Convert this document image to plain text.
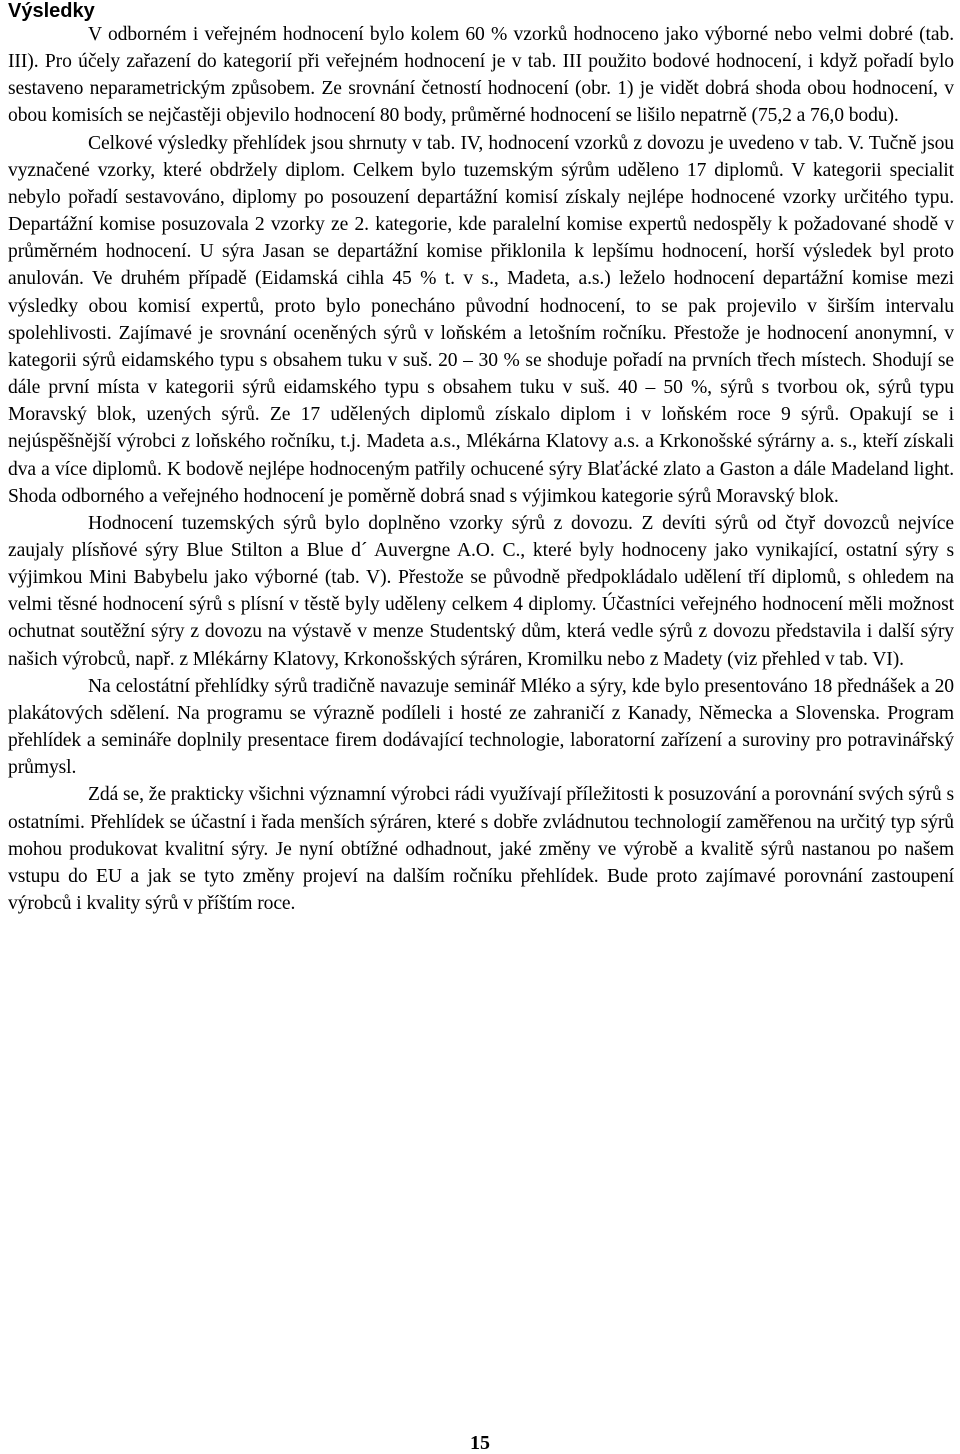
Výsledky

V odborném i veřejném hodnocení bylo kolem 60 % vzorků hodnoceno jako výborné nebo velmi dobré (tab. III). Pro účely zařazení do kategorií při veřejném hodnocení je v tab. III použito bodové hodnocení, i když pořadí bylo sestaveno neparametrickým způsobem. Ze srovnání četností hodnocení (obr. 1) je vidět dobrá shoda obou hodnocení, v obou komisích se nejčastěji objevilo hodnocení 80 body, průměrné hodnocení se lišilo nepatrně (75,2 a 76,0 bodu).

Celkové výsledky přehlídek jsou shrnuty v tab. IV, hodnocení vzorků z dovozu je uvedeno v tab. V. Tučně jsou vyznačené vzorky, které obdržely diplom. Celkem bylo tuzemským sýrům uděleno 17 diplomů. V kategorii specialit nebylo pořadí sestavováno, diplomy po posouzení departážní komisí získaly nejlépe hodnocené vzorky určitého typu. Departážní komise posuzovala 2 vzorky ze 2. kategorie, kde paralelní komise expertů nedospěly k požadované shodě v průměrném hodnocení. U sýra Jasan se departážní komise přiklonila k lepšímu hodnocení, horší výsledek byl proto anulován. Ve druhém případě (Eidamská cihla 45 % t. v s., Madeta, a.s.) leželo hodnocení departážní komise mezi výsledky obou komisí expertů, proto bylo ponecháno původní hodnocení, to se pak projevilo v širším intervalu spolehlivosti. Zajímavé je srovnání oceněných sýrů v loňském a letošním ročníku. Přestože je hodnocení anonymní, v kategorii sýrů eidamského typu s obsahem tuku v suš. 20 – 30 % se shoduje pořadí na prvních třech místech. Shodují se dále první místa v kategorii sýrů eidamského typu s obsahem tuku v suš. 40 – 50 %, sýrů s tvorbou ok, sýrů typu Moravský blok, uzených sýrů. Ze 17 udělených diplomů získalo diplom i v loňském roce 9 sýrů. Opakují se i nejúspěšnější výrobci z loňského ročníku, t.j. Madeta a.s., Mlékárna Klatovy a.s. a Krkonošské sýrárny a. s., kteří získali dva a více diplomů. K bodově nejlépe hodnoceným patřily ochucené sýry Blaťácké zlato a Gaston a dále Madeland light. Shoda odborného a veřejného hodnocení je poměrně dobrá snad s výjimkou kategorie sýrů Moravský blok.

Hodnocení tuzemských sýrů bylo doplněno vzorky sýrů z dovozu. Z devíti sýrů od čtyř dovozců nejvíce zaujaly plísňové sýry Blue Stilton a Blue d´ Auvergne A.O. C., které byly hodnoceny jako vynikající, ostatní sýry s výjimkou Mini Babybelu jako výborné (tab. V). Přestože se původně předpokládalo udělení tří diplomů, s ohledem na velmi těsné hodnocení sýrů s plísní v těstě byly uděleny celkem 4 diplomy. Účastníci veřejného hodnocení měli možnost ochutnat soutěžní sýry z dovozu na výstavě v menze Studentský dům, která vedle sýrů z dovozu představila i další sýry našich výrobců, např. z Mlékárny Klatovy, Krkonošských sýráren, Kromilku nebo z Madety (viz přehled v tab. VI).

Na celostátní přehlídky sýrů tradičně navazuje seminář Mléko a sýry, kde bylo presentováno 18 přednášek a 20 plakátových sdělení. Na programu se výrazně podíleli i hosté ze zahraničí z Kanady, Německa a Slovenska. Program přehlídek a semináře doplnily presentace firem dodávající technologie, laboratorní zařízení a suroviny pro potravinářský průmysl.

Zdá se, že prakticky všichni významní výrobci rádi využívají příležitosti k posuzování a porovnání svých sýrů s ostatními. Přehlídek se účastní i řada menších sýráren, které s dobře zvládnutou technologií zaměřenou na určitý typ sýrů mohou produkovat kvalitní sýry. Je nyní obtížné odhadnout, jaké změny ve výrobě a kvalitě sýrů nastanou po našem vstupu do EU a jak se tyto změny projeví na dalším ročníku přehlídek. Bude proto zajímavé porovnání zastoupení výrobců i kvality sýrů v příštím roce.

15
